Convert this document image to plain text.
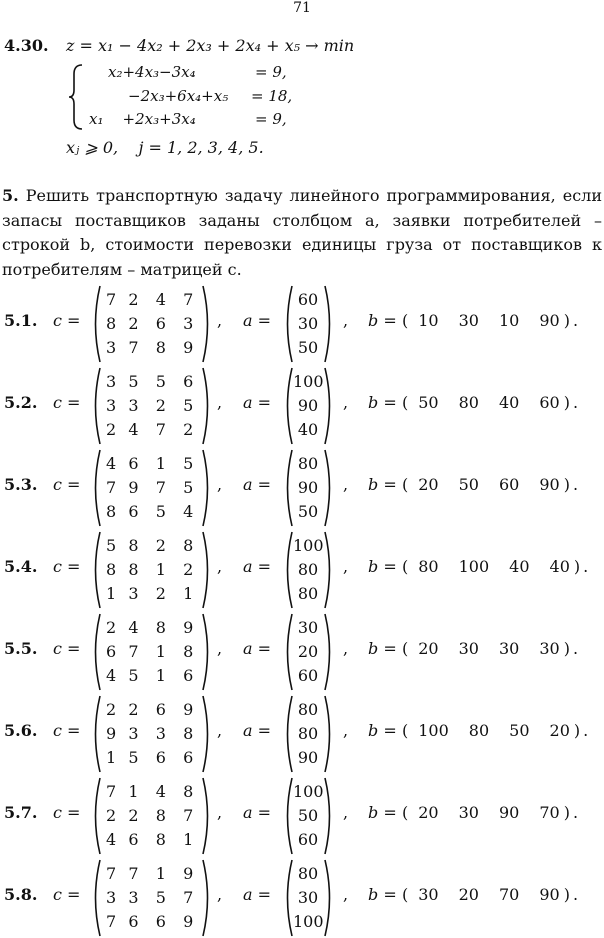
71
4.30. z = x₁ − 4x₂ + 2x₃ + 2x₄ + x₅ → min
x₂+4x₃−3x₄	= 9,
−2x₃+6x₄+x₅ = 18,
x₁    +2x₃+3x₄	= 9,
xⱼ ⩾ 0,    j = 1, 2, 3, 4, 5.
5. Решить транспортную задачу линейного программирования, если запасы поставщиков заданы столбцом a, заявки потребителей – строкой b, стоимости перевозки единицы груза от поставщиков к потребителям – матрицей c.
5.1. c =
7 2	4	7
8 2	6	3
3 7	8	9
, a =
60
30
50
, b = ( 10 30 10 90 ) .
5.2. c =
3 5	5	6
3 3	2	5
2 4	7	2
, a =
100
90
40
, b = ( 50 80 40 60 ) .
5.3. c =
4 6	1	5
7 9	7	5
8 6	5	4
, a =
80
90
50
, b = ( 20 50 60 90 ) .
5.4. c =
5 8	2	8
8 8	1	2
1 3	2	1
, a =
100
80
80
, b = ( 80 100 40 40 ) .
5.5. c =
2 4	8	9
6 7	1	8
4 5	1	6
, a =
30
20
60
, b = ( 20 30 30 30 ) .
5.6. c =
2 2	6	9
9 3	3	8
1 5	6	6
, a =
80
80
90
, b = ( 100 80 50 20 ) .
5.7. c =
7 1	4	8
2 2	8	7
4 6	8	1
, a =
100
50
60
, b = ( 20 30 90 70 ) .
5.8. c =
7 7	1	9
3 3	5	7
7 6	6	9
, a =
80
30
100
, b = ( 30 20 70 90 ) .
